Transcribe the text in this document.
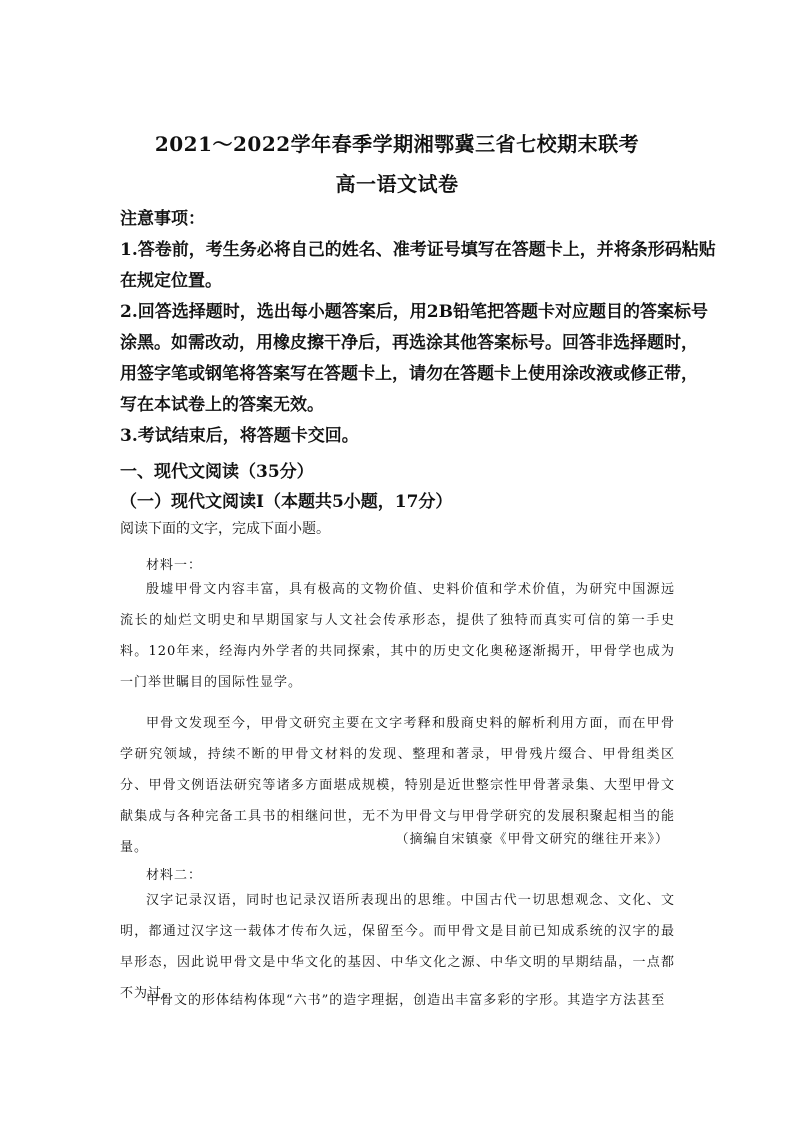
2021～2022学年春季学期湘鄂冀三省七校期末联考
高一语文试卷
注意事项：
1.答卷前，考生务必将自己的姓名、准考证号填写在答题卡上，并将条形码粘贴
在规定位置。
2.回答选择题时，选出每小题答案后，用2B铅笔把答题卡对应题目的答案标号
涂黑。如需改动，用橡皮擦干净后，再选涂其他答案标号。回答非选择题时，
用签字笔或钢笔将答案写在答题卡上，请勿在答题卡上使用涂改液或修正带，
写在本试卷上的答案无效。
3.考试结束后，将答题卡交回。
一、现代文阅读（35分）
（一）现代文阅读Ⅰ（本题共5小题，17分）
阅读下面的文字，完成下面小题。

材料一：

殷墟甲骨文内容丰富，具有极高的文物价值、史料价值和学术价值，为研究中国源远流长的灿烂文明史和早期国家与人文社会传承形态，提供了独特而真实可信的第一手史料。120年来，经海内外学者的共同探索，其中的历史文化奥秘逐渐揭开，甲骨学也成为一门举世瞩目的国际性显学。

甲骨文发现至今，甲骨文研究主要在文字考释和殷商史料的解析利用方面，而在甲骨学研究领域，持续不断的甲骨文材料的发现、整理和著录，甲骨残片缀合、甲骨组类区分、甲骨文例语法研究等诸多方面堪成规模，特别是近世整宗性甲骨著录集、大型甲骨文献集成与各种完备工具书的相继问世，无不为甲骨文与甲骨学研究的发展积聚起相当的能量。

（摘编自宋镇豪《甲骨文研究的继往开来》）

材料二：

汉字记录汉语，同时也记录汉语所表现出的思维。中国古代一切思想观念、文化、文明，都通过汉字这一载体才传布久远，保留至今。而甲骨文是目前已知成系统的汉字的最早形态，因此说甲骨文是中华文化的基因、中华文化之源、中华文明的早期结晶，一点都不为过。

甲骨文的形体结构体现“六书”的造字理据，创造出丰富多彩的字形。其造字方法甚至
